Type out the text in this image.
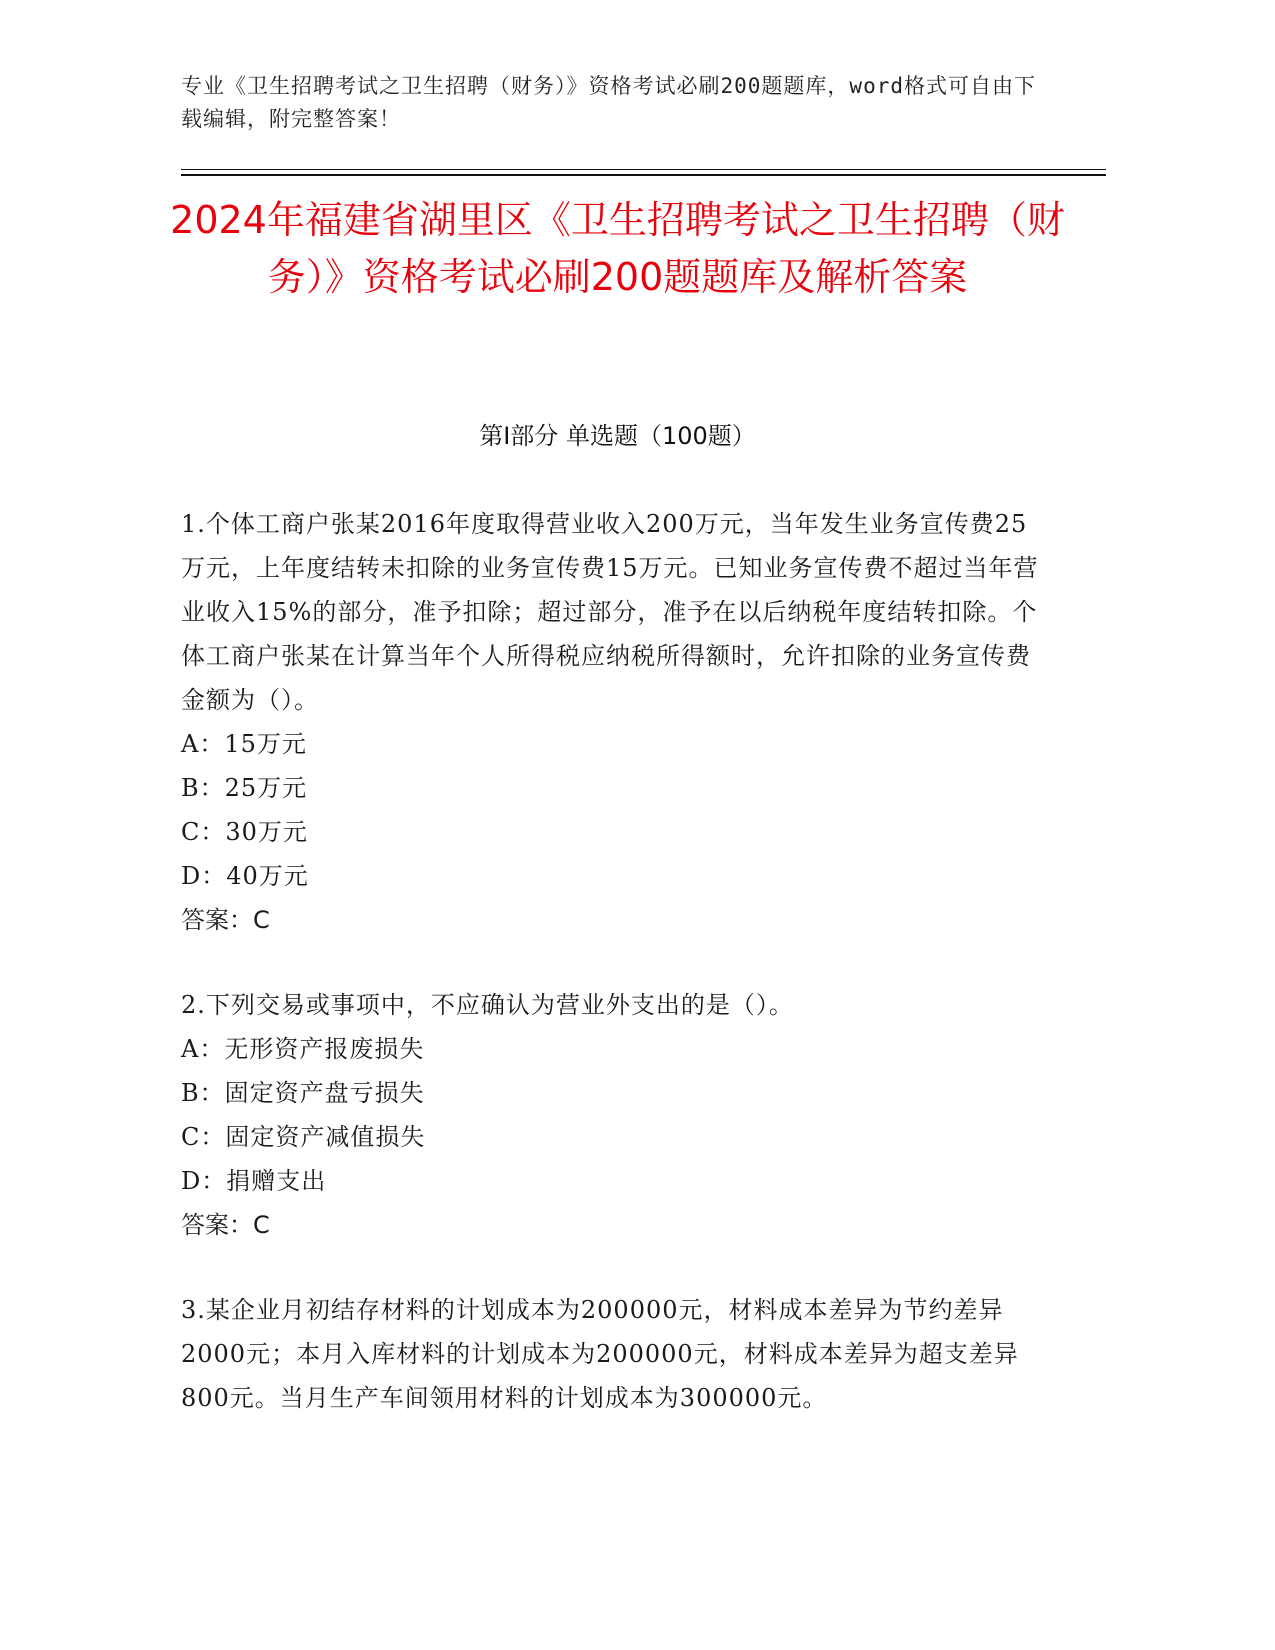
专业《卫生招聘考试之卫生招聘（财务）》资格考试必刷200题题库，word格式可自由下载编辑，附完整答案！
2024年福建省湖里区《卫生招聘考试之卫生招聘（财务）》资格考试必刷200题题库及解析答案
第Ⅰ部分 单选题（100题）

1.个体工商户张某2016年度取得营业收入200万元，当年发生业务宣传费25万元，上年度结转未扣除的业务宣传费15万元。已知业务宣传费不超过当年营业收入15%的部分，准予扣除；超过部分，准予在以后纳税年度结转扣除。个体工商户张某在计算当年个人所得税应纳税所得额时，允许扣除的业务宣传费金额为（）。

A：15万元
B：25万元
C：30万元
D：40万元

答案：C

2.下列交易或事项中，不应确认为营业外支出的是（）。

A：无形资产报废损失
B：固定资产盘亏损失
C：固定资产减值损失
D：捐赠支出

答案：C

3.某企业月初结存材料的计划成本为200000元，材料成本差异为节约差异2000元；本月入库材料的计划成本为200000元，材料成本差异为超支差异800元。当月生产车间领用材料的计划成本为300000元。
